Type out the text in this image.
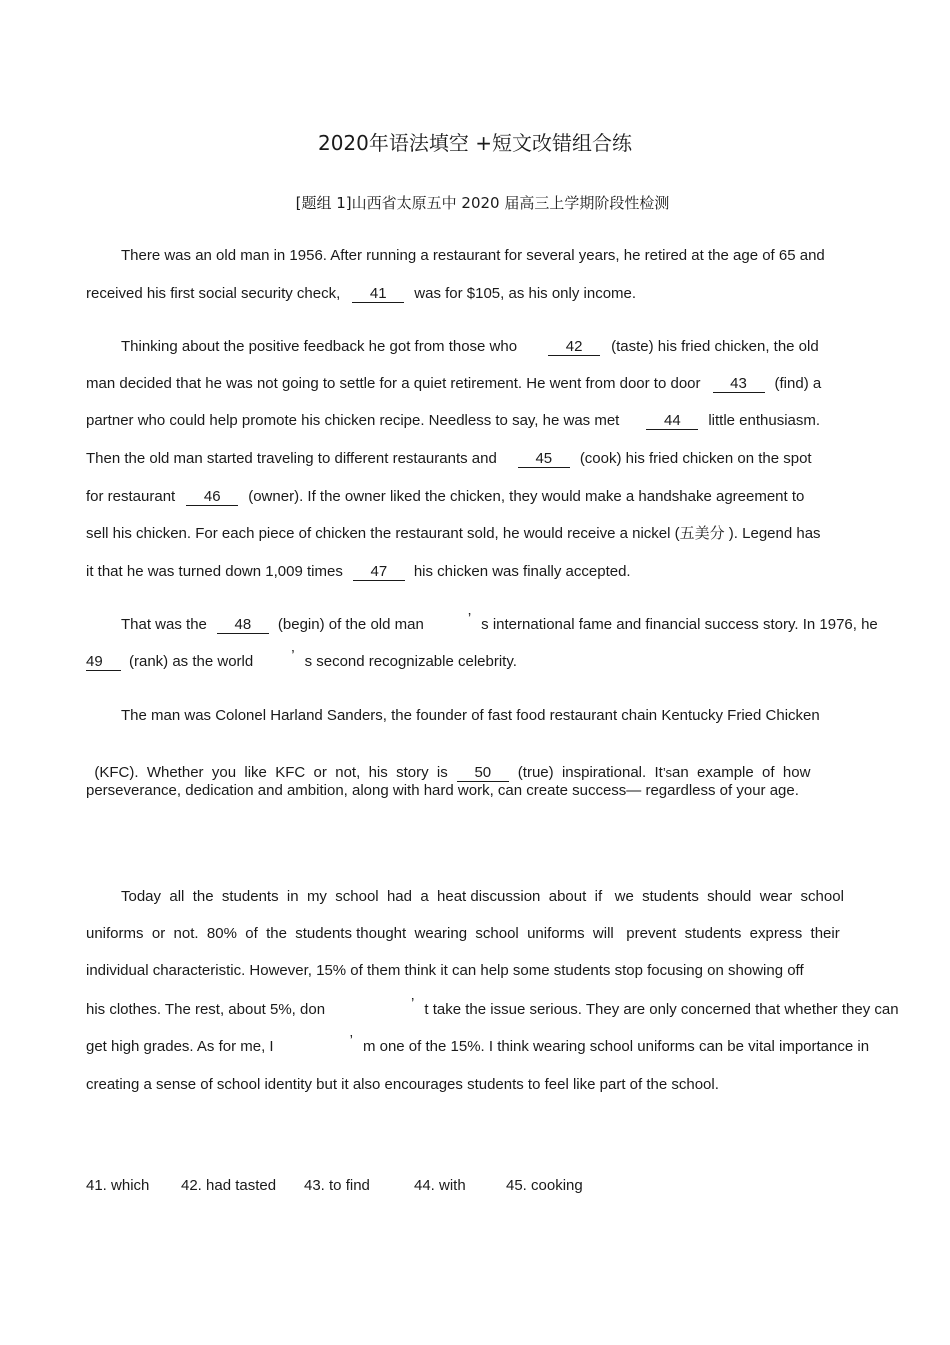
2020年语法填空 +短文改错组合练
[题组 1]山西省太原五中 2020 届高三上学期阶段性检测
There was an old man in 1956. After running a restaurant for several years, he retired at the age of 65 and
received his first social security check, 41 was for $105, as his only income.
Thinking about the positive feedback he got from those who	42 (taste) his fried chicken, the old
man decided that he was not going to settle for a quiet retirement. He went from door to door 43 (find) a
partner who could help promote his chicken recipe. Needless to say, he was met	44 little enthusiasm.
Then the old man started traveling to different restaurants and	45 (cook) his fried chicken on the spot
for restaurant 46 (owner). If the owner liked the chicken, they would make a handshake agreement to
sell his chicken. For each piece of chicken the restaurant sold, he would receive a nickel (五美分 ). Legend has
it that he was turned down 1,009 times 47 his chicken was finally accepted.
That was the 48 (begin) of the old man	’ s international fame and financial success story. In 1976, he
49 (rank) as the world	’ s second recognizable celebrity.
The man was Colonel Harland Sanders, the founder of fast food restaurant chain Kentucky Fried Chicken

(KFC).  Whether  you  like  KFC  or  not,  his  story  is 50 (true)  inspirational.  It’san  example  of  how

perseverance, dedication and ambition, along with hard work, can create success— regardless of your age.
Today  all  the  students  in  my  school  had  a  heat discussion  about  if   we  students  should  wear  school
uniforms  or  not.  80%  of  the  students thought  wearing  school  uniforms  will   prevent  students  express  their
individual characteristic. However, 15% of them think it can help some students stop focusing on showing off
his clothes. The rest, about 5%, don	’ t take the issue serious. They are only concerned that whether they can
get high grades. As for me, I	’ m one of the 15%. I think wearing school uniforms can be vital importance in
creating a sense of school identity but it also encourages students to feel like part of the school.
41. which 42. had tasted 43. to find	44. with	45. cooking
